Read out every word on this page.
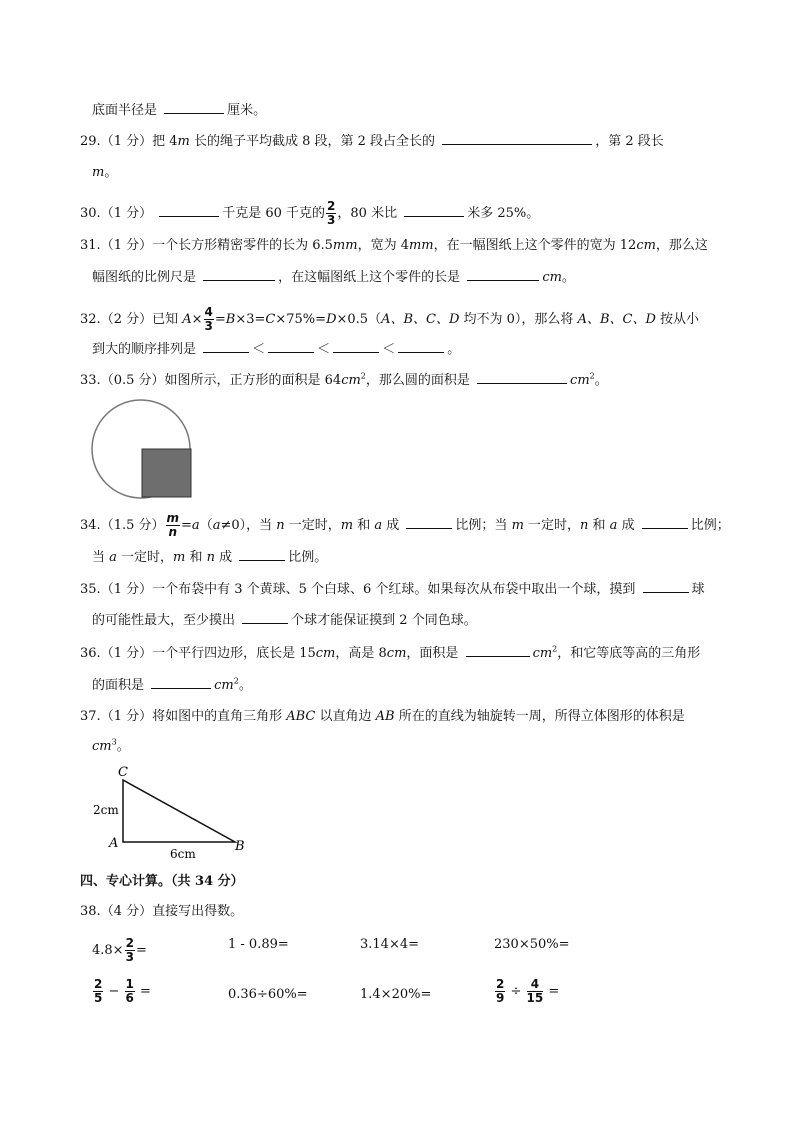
底面半径是	厘米。
29.（1 分）把 4m 长的绳子平均截成 8 段，第 2 段占全长的	，第 2 段长
m。
30.（1 分）	千克是 60 千克的 $\frac{2}{3}$ ，80 米比	米多 25%。
31.（1 分）一个长方形精密零件的长为 6.5mm，宽为 4mm，在一幅图纸上这个零件的宽为 12cm，那么这
幅图纸的比例尺是	，在这幅图纸上这个零件的长是	cm。
32.（2 分）已知 $A\times \frac{4}{3} =B\times 3=C\times 75\%=D\times 0.5(A$、B、C、D 均不为 0），那么将 A、B、C、D 按从小
到大的顺序排列是	＜	＜	＜	。
33.（0.5 分）如图所示，正方形的面积是 $64cm^2$，那么圆的面积是	$cm^2$。
34.（1.5 分） $\frac{m}{n} =a(a\ne 0)$，当 n 一定时，m 和 a 成	比例；当 m 一定时，n 和 a 成	比例；
当 a 一定时，m 和 n 成	比例。
35.（1 分）一个布袋中有 3 个黄球、5 个白球、6 个红球。如果每次从布袋中取出一个球，摸到	球
的可能性最大，至少摸出	个球才能保证摸到 2 个同色球。
36.（1 分）一个平行四边形，底长是 15cm，高是 8cm，面积是	$cm^2$，和它等底等高的三角形
的面积是	$cm^2$。
37.（1 分）将如图中的直角三角形 ABC 以直角边 AB 所在的直线为轴旋转一周，所得立体图形的体积是
$cm^3$。
C
A	B
2cm
6cm
四、专心计算。（共 34 分）
38.（4 分）直接写出得数。
$4.8\times \frac{2}{3}$ =	1 - 0.89=	3.14×4=	230×50%=
$\frac{2}{5} - \frac{1}{6}$ =	0.36÷60%=	1.4×20%=	$\frac{2}{9} \div \frac{4}{15}$ =
